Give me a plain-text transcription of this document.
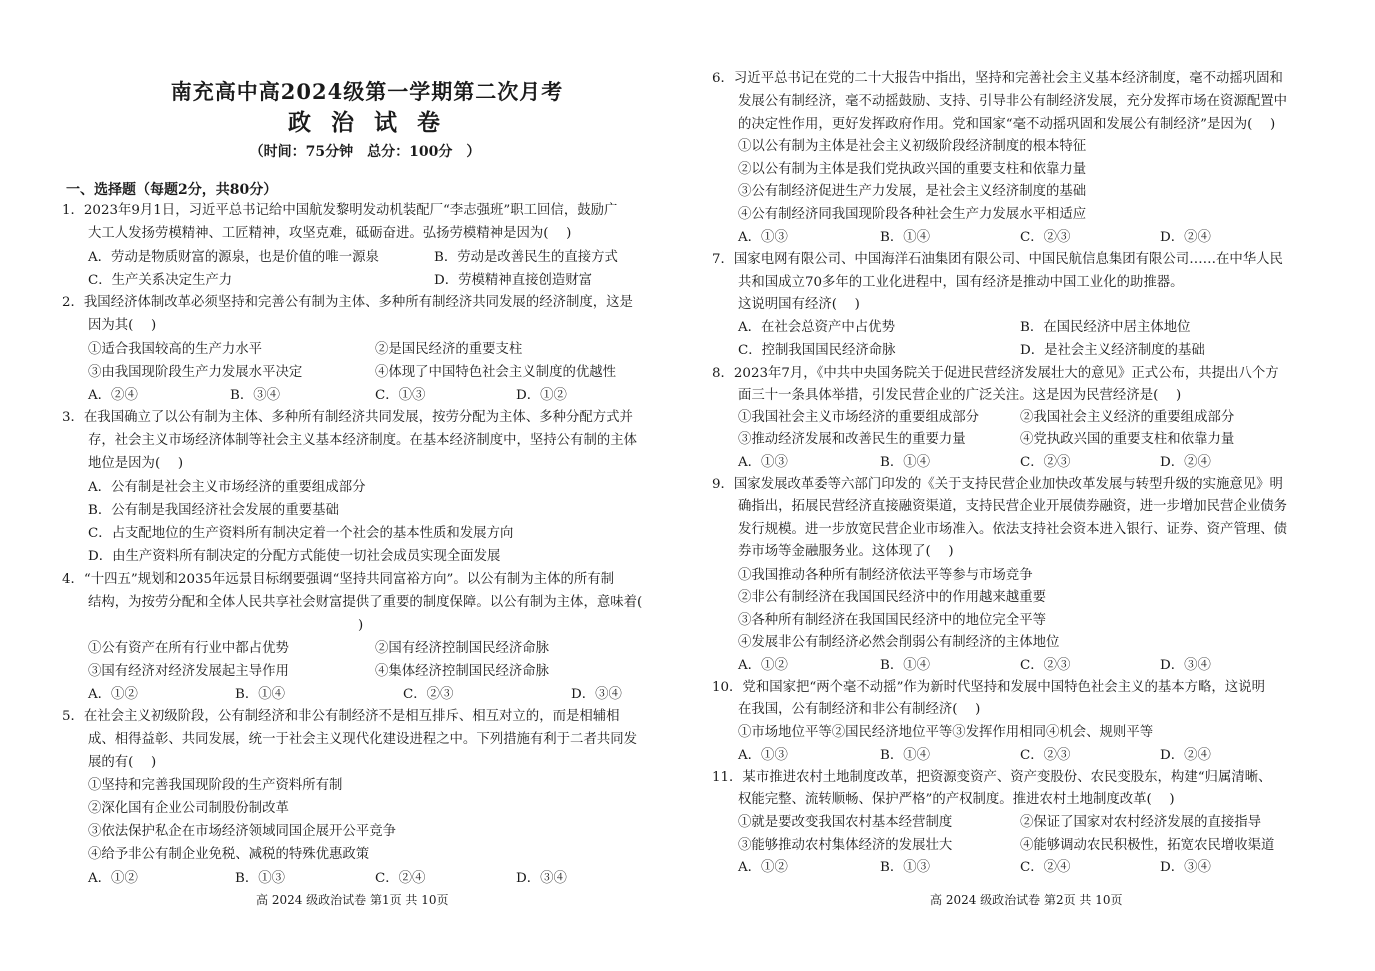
南充高中高2024级第一学期第二次月考
政 治 试 卷
（时间：75分钟　总分：100分　）
一、选择题（每题2分，共80分）
1．2023年9月1日，习近平总书记给中国航发黎明发动机装配厂“李志强班”职工回信，鼓励广
大工人发扬劳模精神、工匠精神，攻坚克难，砥砺奋进。弘扬劳模精神是因为(　 )
2．我国经济体制改革必须坚持和完善公有制为主体、多种所有制经济共同发展的经济制度，这是
因为其(　 )
3．在我国确立了以公有制为主体、多种所有制经济共同发展，按劳分配为主体、多种分配方式并
存，社会主义市场经济体制等社会主义基本经济制度。在基本经济制度中，坚持公有制的主体
地位是因为(　 )
A．公有制是社会主义市场经济的重要组成部分
B．公有制是我国经济社会发展的重要基础
C．占支配地位的生产资料所有制决定着一个社会的基本性质和发展方向
D．由生产资料所有制决定的分配方式能使一切社会成员实现全面发展
4．“十四五”规划和2035年远景目标纲要强调“坚持共同富裕方向”。以公有制为主体的所有制
结构，为按劳分配和全体人民共享社会财富提供了重要的制度保障。以公有制为主体，意味着(
5．在社会主义初级阶段，公有制经济和非公有制经济不是相互排斥、相互对立的，而是相辅相
成、相得益彰、共同发展，统一于社会主义现代化建设进程之中。下列措施有利于二者共同发
展的有(　 )
①坚持和完善我国现阶段的生产资料所有制
②深化国有企业公司制股份制改革
③依法保护私企在市场经济领域同国企展开公平竞争
④给予非公有制企业免税、减税的特殊优惠政策
A．劳动是物质财富的源泉，也是价值的唯一源泉	B．劳动是改善民生的直接方式
C．生产关系决定生产力	D．劳模精神直接创造财富
①适合我国较高的生产力水平	②是国民经济的重要支柱
③由我国现阶段生产力发展水平决定	④体现了中国特色社会主义制度的优越性
A．②④	B．③④	C．①③	D．①②
)
①公有资产在所有行业中都占优势	②国有经济控制国民经济命脉
③国有经济对经济发展起主导作用	④集体经济控制国民经济命脉
A．①②	B．①④	C．②③	D．③④
A．①②	B．①③	C．②④	D．③④
6．习近平总书记在党的二十大报告中指出，坚持和完善社会主义基本经济制度，毫不动摇巩固和
发展公有制经济，毫不动摇鼓励、支持、引导非公有制经济发展，充分发挥市场在资源配置中
的决定性作用，更好发挥政府作用。党和国家“毫不动摇巩固和发展公有制经济”是因为(　 )
①以公有制为主体是社会主义初级阶段经济制度的根本特征
②以公有制为主体是我们党执政兴国的重要支柱和依靠力量
③公有制经济促进生产力发展，是社会主义经济制度的基础
④公有制经济同我国现阶段各种社会生产力发展水平相适应
7．国家电网有限公司、中国海洋石油集团有限公司、中国民航信息集团有限公司……在中华人民
共和国成立70多年的工业化进程中，国有经济是推动中国工业化的助推器。
这说明国有经济(　 )
8．2023年7月，《中共中央国务院关于促进民营经济发展壮大的意见》正式公布，共提出八个方
面三十一条具体举措，引发民营企业的广泛关注。这是因为民营经济是(　 )
9．国家发展改革委等六部门印发的《关于支持民营企业加快改革发展与转型升级的实施意见》明
确指出，拓展民营经济直接融资渠道，支持民营企业开展债券融资，进一步增加民营企业债务
发行规模。进一步放宽民营企业市场准入。依法支持社会资本进入银行、证券、资产管理、债
券市场等金融服务业。这体现了(　 )
①我国推动各种所有制经济依法平等参与市场竞争
②非公有制经济在我国国民经济中的作用越来越重要
③各种所有制经济在我国国民经济中的地位完全平等
④发展非公有制经济必然会削弱公有制经济的主体地位
10．党和国家把“两个毫不动摇”作为新时代坚持和发展中国特色社会主义的基本方略，这说明
在我国，公有制经济和非公有制经济(　 )
①市场地位平等②国民经济地位平等③发挥作用相同④机会、规则平等
11．某市推进农村土地制度改革，把资源变资产、资产变股份、农民变股东，构建“归属清晰、
权能完整、流转顺畅、保护严格”的产权制度。推进农村土地制度改革(　 )
A．①③	B．①④	C．②③	D．②④
A．在社会总资产中占优势	B．在国民经济中居主体地位
C．控制我国国民经济命脉	D．是社会主义经济制度的基础
①我国社会主义市场经济的重要组成部分	②我国社会主义经济的重要组成部分
③推动经济发展和改善民生的重要力量	④党执政兴国的重要支柱和依靠力量
A．①③	B．①④	C．②③	D．②④
A．①②	B．①④	C．②③	D．③④
A．①③	B．①④	C．②③	D．②④
①就是要改变我国农村基本经营制度	②保证了国家对农村经济发展的直接指导
③能够推动农村集体经济的发展壮大	④能够调动农民积极性，拓宽农民增收渠道
A．①②	B．①③	C．②④	D．③④
高 2024 级政治试卷 第1页 共 10页	高 2024 级政治试卷 第2页 共 10页
